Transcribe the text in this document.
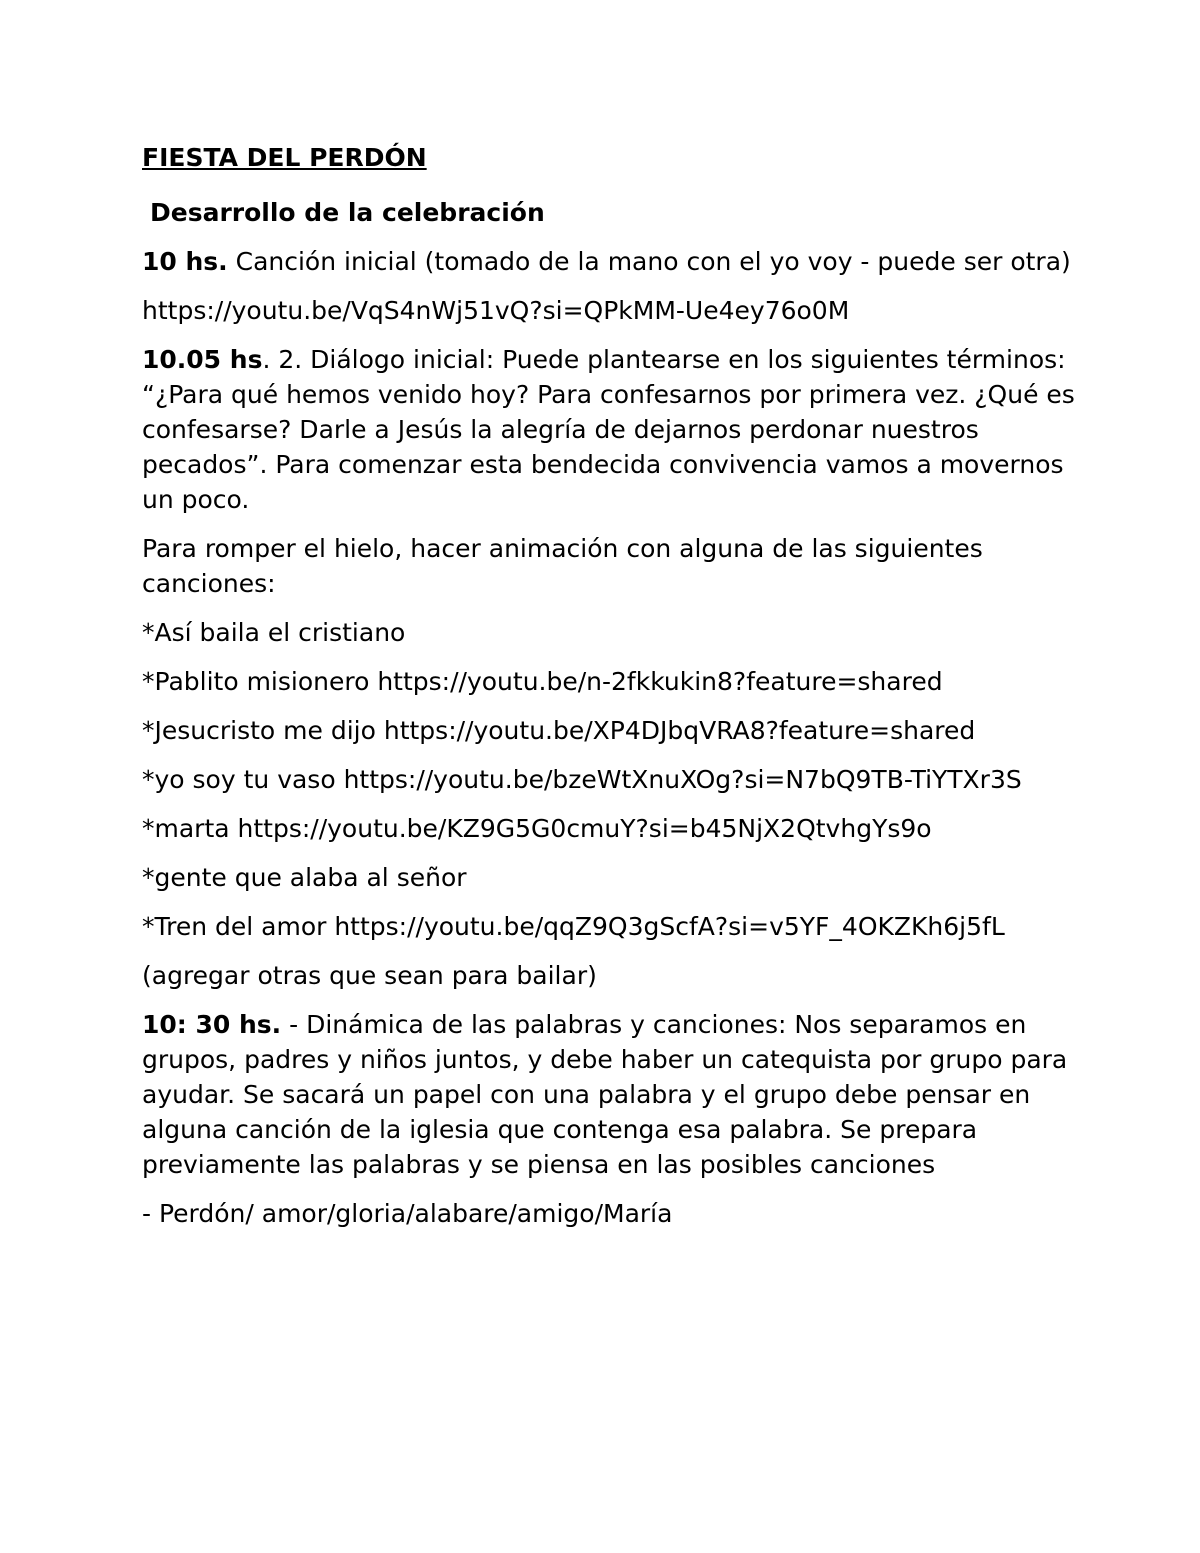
FIESTA DEL PERDÓN
Desarrollo de la celebración
10 hs. Canción inicial (tomado de la mano con el yo voy - puede ser otra)
https://youtu.be/VqS4nWj51vQ?si=QPkMM-Ue4ey76o0M
10.05 hs. 2. Diálogo inicial: Puede plantearse en los siguientes términos: “¿Para qué hemos venido hoy? Para confesarnos por primera vez. ¿Qué es confesarse? Darle a Jesús la alegría de dejarnos perdonar nuestros pecados”. Para comenzar esta bendecida convivencia vamos a movernos un poco.
Para romper el hielo, hacer animación con alguna de las siguientes canciones:
*Así baila el cristiano
*Pablito misionero https://youtu.be/n-2fkkukin8?feature=shared
*Jesucristo me dijo https://youtu.be/XP4DJbqVRA8?feature=shared
*yo soy tu vaso https://youtu.be/bzeWtXnuXOg?si=N7bQ9TB-TiYTXr3S
*marta https://youtu.be/KZ9G5G0cmuY?si=b45NjX2QtvhgYs9o
*gente que alaba al señor
*Tren del amor https://youtu.be/qqZ9Q3gScfA?si=v5YF_4OKZKh6j5fL
(agregar otras que sean para bailar)
10: 30 hs. - Dinámica de las palabras y canciones: Nos separamos en grupos, padres y niños juntos, y debe haber un catequista por grupo para ayudar. Se sacará un papel con una palabra y el grupo debe pensar en alguna canción de la iglesia que contenga esa palabra. Se prepara previamente las palabras y se piensa en las posibles canciones
- Perdón/ amor/gloria/alabare/amigo/María
